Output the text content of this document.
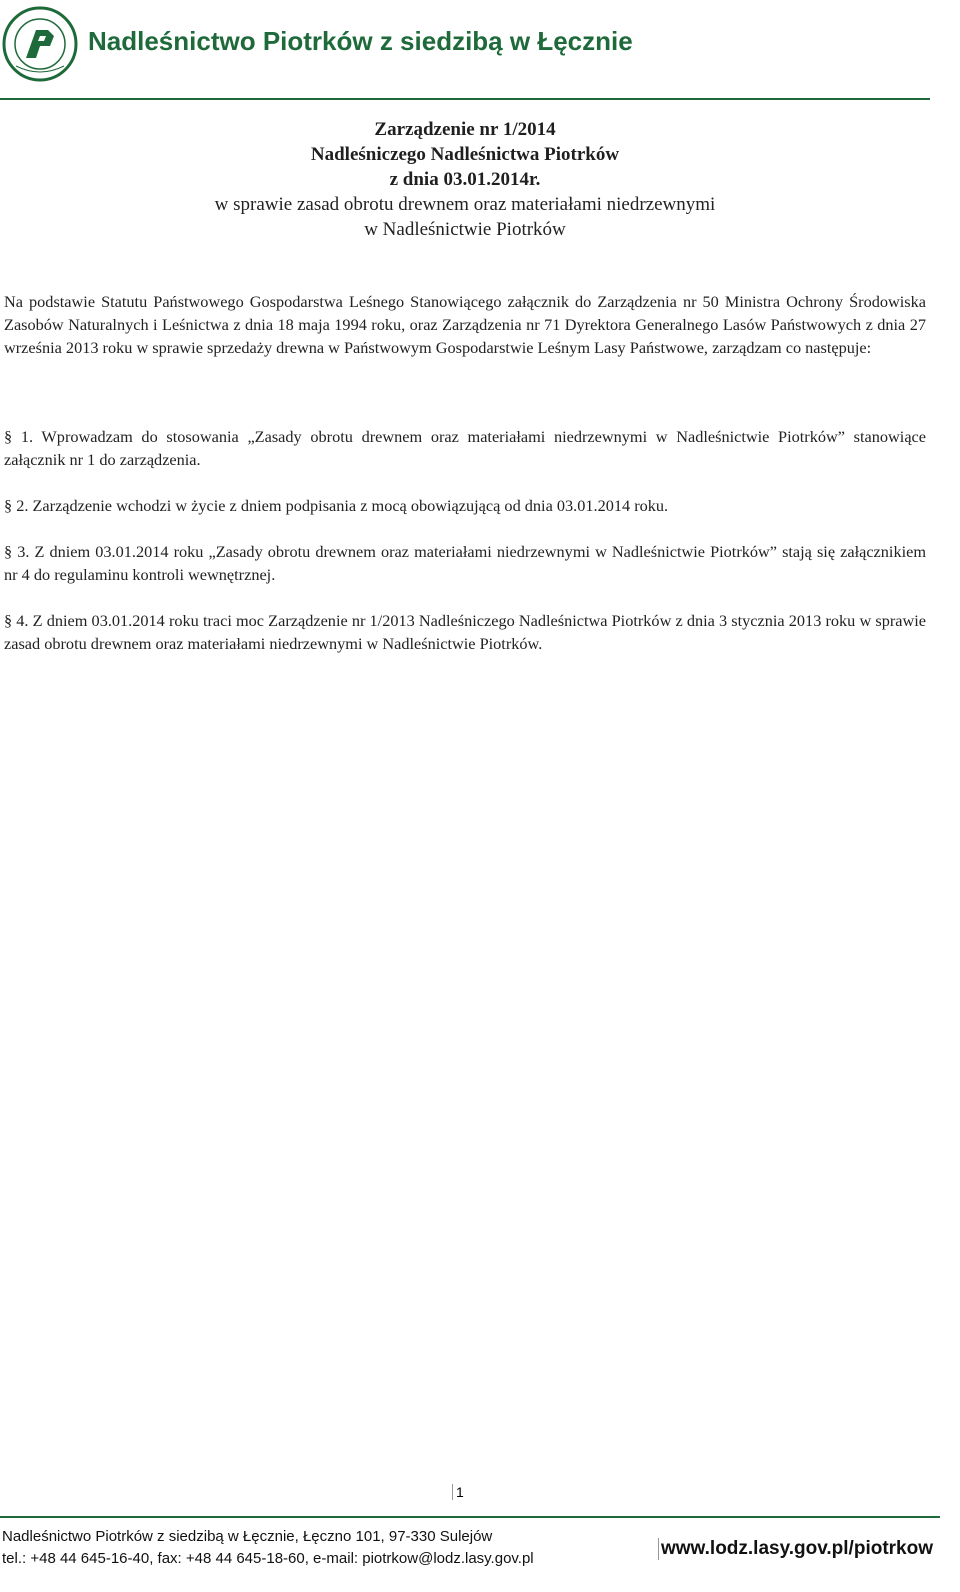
Nadleśnictwo Piotrków z siedzibą w Łęcznie
Zarządzenie nr 1/2014
Nadleśniczego Nadleśnictwa Piotrków
z dnia 03.01.2014r.
w sprawie zasad obrotu drewnem oraz materiałami niedrzewnymi
w Nadleśnictwie Piotrków
Na podstawie Statutu Państwowego Gospodarstwa Leśnego Stanowiącego załącznik do Zarządzenia nr 50 Ministra Ochrony Środowiska Zasobów Naturalnych i Leśnictwa z dnia 18 maja 1994 roku, oraz Zarządzenia nr 71 Dyrektora Generalnego Lasów Państwowych z dnia 27 września 2013 roku w sprawie sprzedaży drewna w Państwowym Gospodarstwie Leśnym Lasy Państwowe, zarządzam co następuje:
§ 1. Wprowadzam do stosowania „Zasady obrotu drewnem oraz materiałami niedrzewnymi w Nadleśnictwie Piotrków” stanowiące załącznik nr 1 do zarządzenia.
§ 2. Zarządzenie wchodzi w życie z dniem podpisania z mocą obowiązującą od dnia 03.01.2014 roku.
§ 3. Z dniem 03.01.2014 roku „Zasady obrotu drewnem oraz materiałami niedrzewnymi w Nadleśnictwie Piotrków” stają się załącznikiem nr 4 do regulaminu kontroli wewnętrznej.
§ 4. Z dniem 03.01.2014 roku traci moc Zarządzenie nr 1/2013 Nadleśniczego Nadleśnictwa Piotrków z dnia 3 stycznia 2013 roku w sprawie zasad obrotu drewnem oraz materiałami niedrzewnymi w Nadleśnictwie Piotrków.
1
Nadleśnictwo Piotrków z siedzibą w Łęcznie, Łęczno 101, 97-330 Sulejów
tel.: +48 44 645-16-40, fax: +48 44 645-18-60, e-mail: piotrkow@lodz.lasy.gov.pl	www.lodz.lasy.gov.pl/piotrkow
